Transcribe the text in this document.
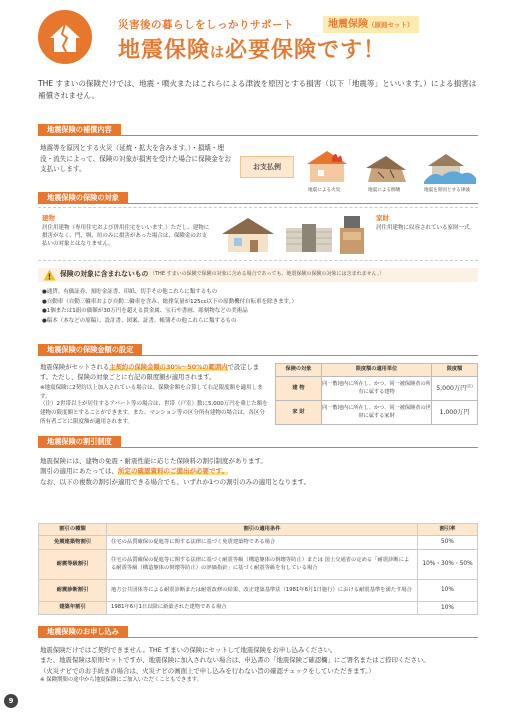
災害後の暮らしをしっかりサポート	地震保険（原則セット）
地震保険は必要保険です！
THE すまいの保険だけでは、地震・噴火またはこれらによる津波を原因とする損害（以下「地震等」といいます。）による損害は補償されません。
地震保険の補償内容
地震等を原因とする火災（延焼・拡大を含みます。）・損壊・埋没・流失によって、保険の対象が損害を受けた場合に保険金をお支払いします。	お支払例
地震による火災	地震による倒壊	地震を原因とする津波
地震保険の保険の対象
建物
居住用建物（専用住宅および併用住宅をいいます。）ただし、建物に損害がなく、門、塀、垣のみに損害があった場合は、保険金のお支払いの対象とはなりません。
家財
居住用建物に収容されている家財一式。
! 保険の対象に含まれないもの （THE すまいの保険で保険の対象に含める場合であっても、地震保険の保険の対象には含まれません。）
●通貨、有価証券、預貯金証書、印紙、切手その他これらに類するもの
●自動車（自動三輪車および自動二輪車を含み、総排気量が125cc以下の原動機付自転車を除きます。）
●1個または1組の価額が30万円を超える貴金属、宝石や書画、彫刻物などの美術品
●稿本（本などの原稿）、設計書、図案、証書、帳簿その他これらに類するもの
地震保険の保険金額の設定
地震保険がセットされる主契約の保険金額の30%〜50%の範囲内で設定します。ただし、保険の対象ごとに右記の限度額が適用されます。
※地震保険に2契約以上加入されている場合は、保険金額を合算して右記限度額を適用します。
（注）2世帯以上が居住するアパート等の場合は、世帯（戸室）数に5,000万円を乗じた額を建物の限度額とすることができます。また、マンション等の区分所有建物の場合は、各区分所有者ごとに限度額が適用されます。
保険の対象	限度額の適用単位	限度額
建 物	同一敷地内に所在し、かつ、同一被保険者の所有に属する建物	5,000万円$^{(注)}$
家 財	同一敷地内に所在し、かつ、同一被保険者の世帯に属する家財	1,000万円
地震保険の割引制度
地震保険には、建物の免震・耐震性能に応じた保険料の割引制度があります。
割引の適用にあたっては、所定の確認資料のご提出が必要です。
なお、以下の複数の割引が適用できる場合でも、いずれか1つの割引のみの適用となります。
割引の種類	割引の適用条件	割引率
免震建築物割引	住宅の品質確保の促進等に関する法律に基づく免震建築物である場合	50%
耐震等級割引	住宅の品質確保の促進等に関する法律に基づく耐震等級（構造躯体の倒壊等防止）または 国土交通省の定める「耐震診断による耐震等級（構造躯体の倒壊等防止）の評価指針」に基づく耐震等級を有している場合	10%・30%・50%
耐震診断割引	地方公共団体等による耐震診断または耐震改修の結果、改正建築基準法（1981年6月1日施行）における耐震基準を満たす場合	10%
建築年割引	1981年6月1日以降に新築された建物である場合	10%
地震保険のお申し込み
地震保険だけではご契約できません。THE すまいの保険にセットして地震保険をお申し込みください。
また、地震保険は原則セットですが、地震保険に加入されない場合は、申込書の「地震保険ご確認欄」にご署名またはご捺印ください。
（火災ナビでのお手続きの場合は、火災ナビの画面上で申し込みを行わない旨の確認チェックをしていただきます。）
※ 保険期間の途中から地震保険にご加入いただくこともできます。
9
